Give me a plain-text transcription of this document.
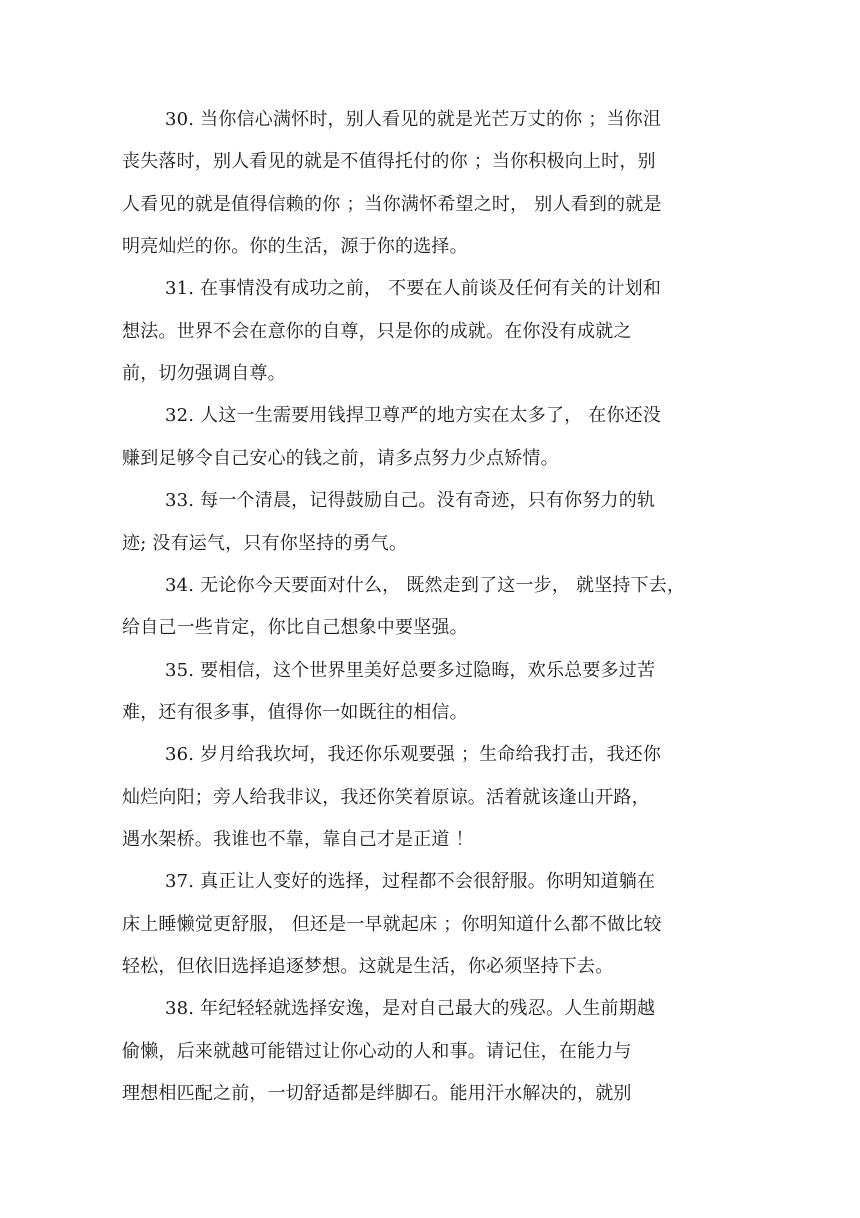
30. 当你信心满怀时，别人看见的就是光芒万丈的你 ；当你沮
丧失落时，别人看见的就是不值得托付的你 ；当你积极向上时，别
人看见的就是值得信赖的你 ；当你满怀希望之时， 别人看到的就是
明亮灿烂的你。你的生活，源于你的选择。
31. 在事情没有成功之前， 不要在人前谈及任何有关的计划和
想法。世界不会在意你的自尊，只是你的成就。在你没有成就之
前，切勿强调自尊。
32. 人这一生需要用钱捍卫尊严的地方实在太多了， 在你还没
赚到足够令自己安心的钱之前，请多点努力少点矫情。
33. 每一个清晨，记得鼓励自己。没有奇迹，只有你努力的轨
迹; 没有运气，只有你坚持的勇气。
34. 无论你今天要面对什么， 既然走到了这一步， 就坚持下去，
给自己一些肯定，你比自己想象中要坚强。
35. 要相信，这个世界里美好总要多过隐晦，欢乐总要多过苦
难，还有很多事，值得你一如既往的相信。
36. 岁月给我坎坷，我还你乐观要强 ；生命给我打击，我还你
灿烂向阳；旁人给我非议，我还你笑着原谅。活着就该逢山开路，
遇水架桥。我谁也不靠，靠自己才是正道 ！
37. 真正让人变好的选择，过程都不会很舒服。你明知道躺在
床上睡懒觉更舒服， 但还是一早就起床 ；你明知道什么都不做比较
轻松，但依旧选择追逐梦想。这就是生活，你必须坚持下去。
38. 年纪轻轻就选择安逸，是对自己最大的残忍。人生前期越
偷懒，后来就越可能错过让你心动的人和事。请记住，在能力与
理想相匹配之前，一切舒适都是绊脚石。能用汗水解决的，就别
